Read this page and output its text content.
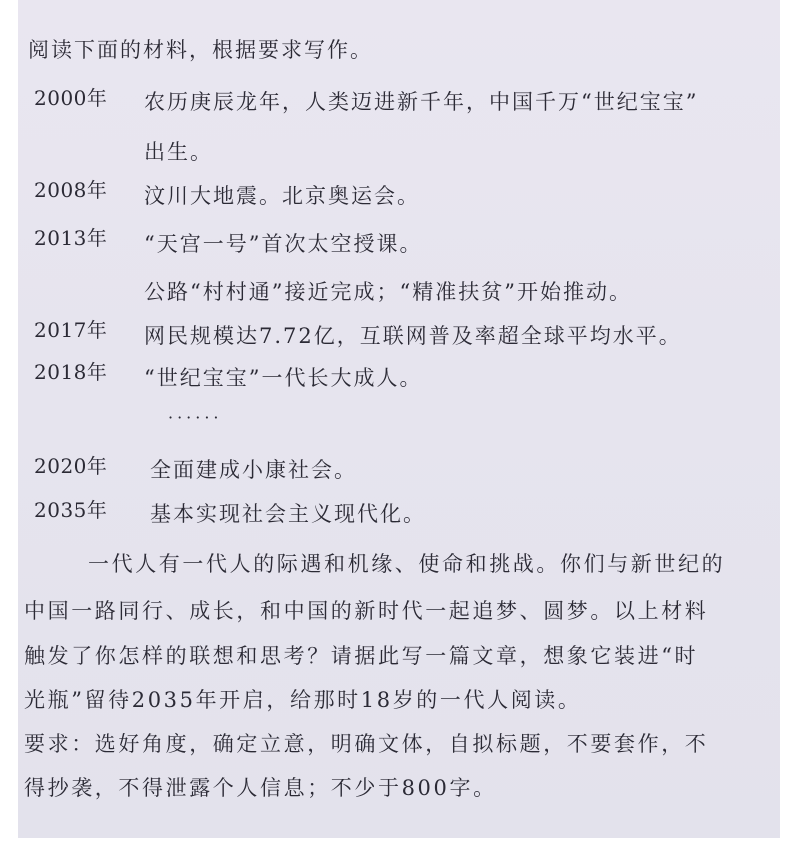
阅读下面的材料，根据要求写作。
2000年 农历庚辰龙年，人类迈进新千年，中国千万“世纪宝宝”
出生。
2008年 汶川大地震。北京奥运会。
2013年 “天宫一号”首次太空授课。
公路“村村通”接近完成；“精准扶贫”开始推动。
2017年 网民规模达7.72亿，互联网普及率超全球平均水平。
2018年 “世纪宝宝”一代长大成人。
······
2020年 全面建成小康社会。
2035年 基本实现社会主义现代化。
一代人有一代人的际遇和机缘、使命和挑战。你们与新世纪的
中国一路同行、成长，和中国的新时代一起追梦、圆梦。以上材料
触发了你怎样的联想和思考？请据此写一篇文章，想象它装进“时
光瓶”留待2035年开启，给那时18岁的一代人阅读。
要求：选好角度，确定立意，明确文体，自拟标题，不要套作，不
得抄袭，不得泄露个人信息；不少于800字。
